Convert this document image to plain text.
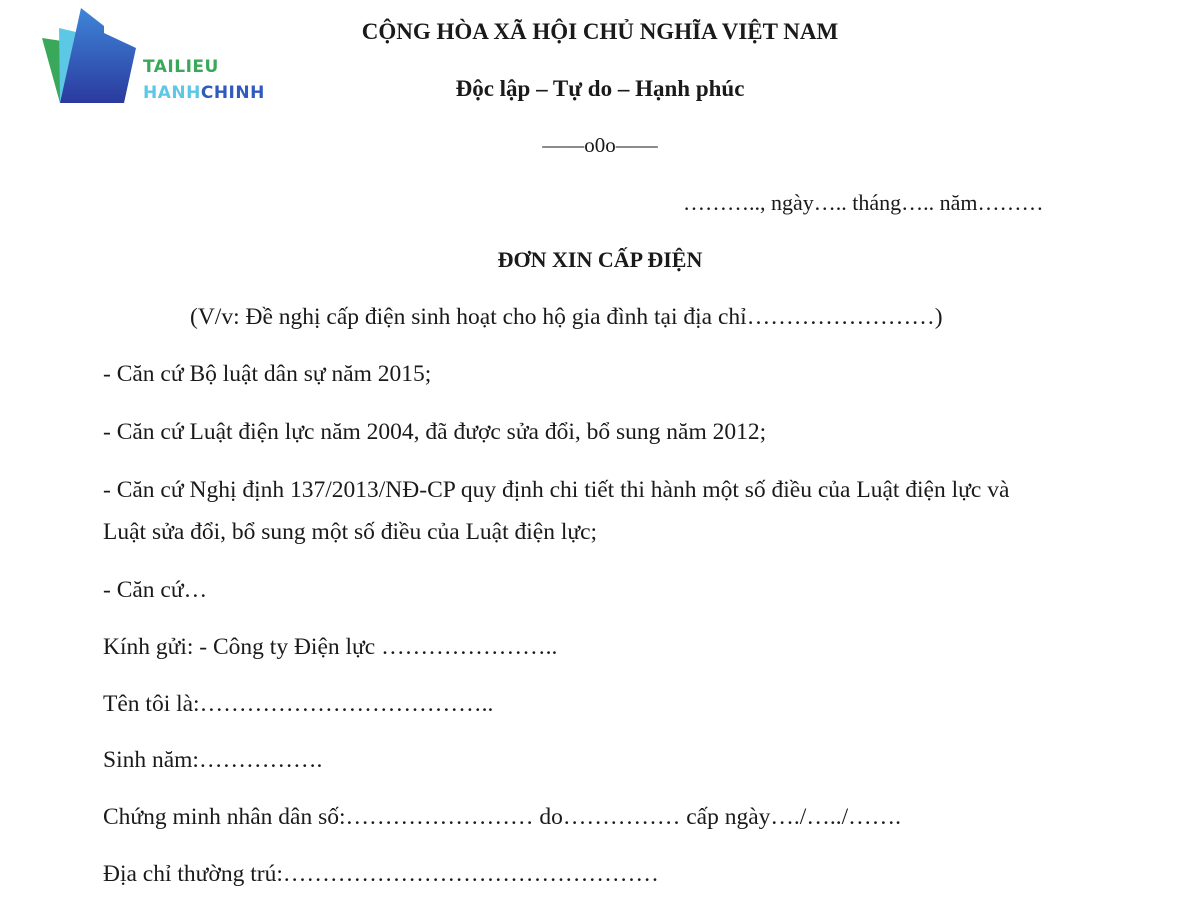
TAILIEU
HANHCHINH
CỘNG HÒA XÃ HỘI CHỦ NGHĨA VIỆT NAM
Độc lập – Tự do – Hạnh phúc
——o0o——
……….., ngày….. tháng….. năm………
ĐƠN XIN CẤP ĐIỆN
(V/v: Đề nghị cấp điện sinh hoạt cho hộ gia đình tại địa chỉ……………………)
- Căn cứ Bộ luật dân sự năm 2015;
- Căn cứ Luật điện lực năm 2004, đã được sửa đổi, bổ sung năm 2012;
- Căn cứ Nghị định 137/2013/NĐ-CP quy định chi tiết thi hành một số điều của Luật điện lực và
Luật sửa đổi, bổ sung một số điều của Luật điện lực;
- Căn cứ…
Kính gửi: - Công ty Điện lực …………………..
Tên tôi là:………………………………..
Sinh năm:…………….
Chứng minh nhân dân số:…………………… do…………… cấp ngày…./…../…….
Địa chỉ thường trú:…………………………………………
